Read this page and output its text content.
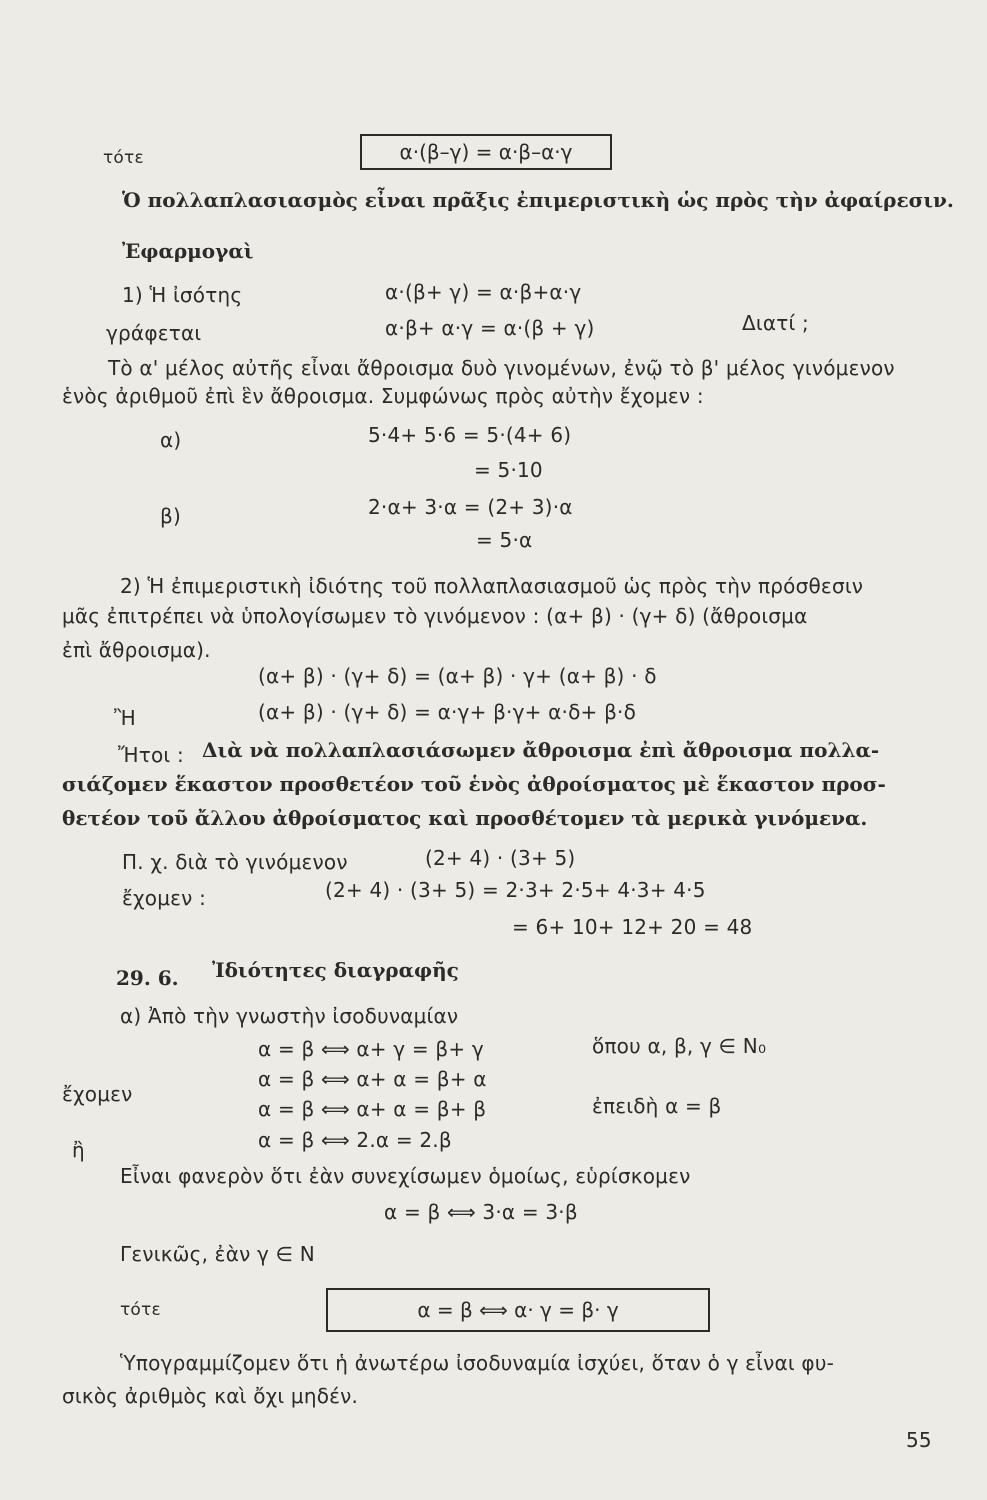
τότε	α·(β–γ) = α·β–α·γ
Ὁ πολλαπλασιασμὸς εἶναι πρᾶξις ἐπιμεριστικὴ ὡς πρὸς τὴν ἀφαίρεσιν.
Ἐφαρμογαὶ
1) Ἡ ἰσότης	α·(β+ γ) = α·β+α·γ
γράφεται	α·β+ α·γ = α·(β + γ)	Διατί ;
Τὸ α' μέλος αὐτῆς εἶναι ἄθροισμα δυὸ γινομένων, ἐνῷ τὸ β' μέλος γινόμενον
ἑνὸς ἀριθμοῦ ἐπὶ ἓν ἄθροισμα. Συμφώνως πρὸς αὐτὴν ἔχομεν :
α)	5·4+ 5·6 = 5·(4+ 6)
= 5·10
β)	2·α+ 3·α = (2+ 3)·α
= 5·α
2) Ἡ ἐπιμεριστικὴ ἰδιότης τοῦ πολλαπλασιασμοῦ ὡς πρὸς τὴν πρόσθεσιν
μᾶς ἐπιτρέπει νὰ ὑπολογίσωμεν τὸ γινόμενον : (α+ β) · (γ+ δ) (ἄθροισμα
ἐπὶ ἄθροισμα).
(α+ β) · (γ+ δ) = (α+ β) · γ+ (α+ β) · δ
Ἢ	(α+ β) · (γ+ δ) = α·γ+ β·γ+ α·δ+ β·δ
Ἤτοι : Διὰ νὰ πολλαπλασιάσωμεν ἄθροισμα ἐπὶ ἄθροισμα πολλα-
σιάζομεν ἕκαστον προσθετέον τοῦ ἑνὸς ἀθροίσματος μὲ ἕκαστον προσ-
θετέον τοῦ ἄλλου ἀθροίσματος καὶ προσθέτομεν τὰ μερικὰ γινόμενα.
Π. χ. διὰ τὸ γινόμενον	(2+ 4) · (3+ 5)
ἔχομεν :	(2+ 4) · (3+ 5) = 2·3+ 2·5+ 4·3+ 4·5
= 6+ 10+ 12+ 20 = 48
29. 6. Ἰδιότητες διαγραφῆς
α) Ἀπὸ τὴν γνωστὴν ἰσοδυναμίαν
α = β ⟺ α+ γ = β+ γ	ὅπου α, β, γ ∈ N₀
ἔχομεν
α = β ⟺ α+ α = β+ α
α = β ⟺ α+ α = β+ β	ἐπειδὴ α = β
ἢ	α = β ⟺ 2.α = 2.β
Εἶναι φανερὸν ὅτι ἐὰν συνεχίσωμεν ὁμοίως, εὑρίσκομεν
α = β ⟺ 3·α = 3·β
Γενικῶς, ἐὰν γ ∈ N
τότε	α = β ⟺ α· γ = β· γ
Ὑπογραμμίζομεν ὅτι ἡ ἀνωτέρω ἰσοδυναμία ἰσχύει, ὅταν ὁ γ εἶναι φυ-
σικὸς ἀριθμὸς καὶ ὄχι μηδέν.
55
